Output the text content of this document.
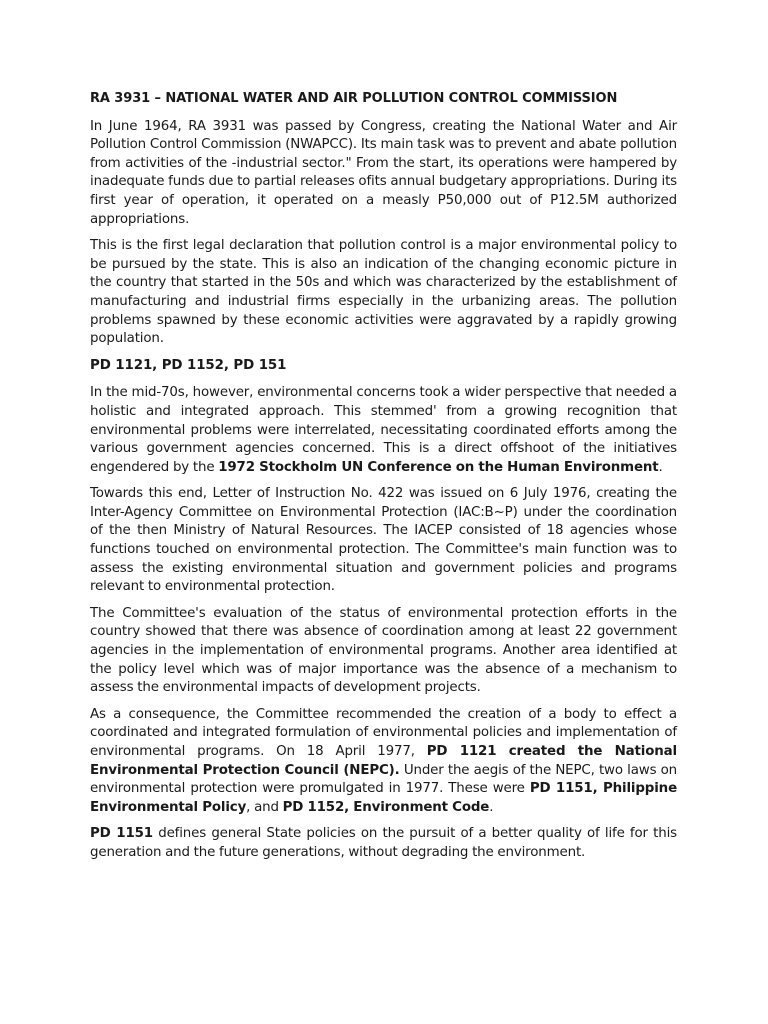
RA 3931 – NATIONAL WATER AND AIR POLLUTION CONTROL COMMISSION

In June 1964, RA 3931 was passed by Congress, creating the National Water and Air Pollution Control Commission (NWAPCC). Its main task was to prevent and abate pollution from activities of the -industrial sector." From the start, its operations were hampered by inadequate funds due to partial releases ofits annual budgetary appropriations. During its first year of operation, it operated on a measly P50,000 out of P12.5M authorized appropriations.

This is the first legal declaration that pollution control is a major environmental policy to be pursued by the state. This is also an indication of the changing economic picture in the country that started in the 50s and which was characterized by the establishment of manufacturing and industrial firms especially in the urbanizing areas. The pollution problems spawned by these economic activities were aggravated by a rapidly growing population.

PD 1121, PD 1152, PD 151

In the mid-70s, however, environmental concerns took a wider perspective that needed a holistic and integrated approach. This stemmed' from a growing recognition that environmental problems were interrelated, necessitating coordinated efforts among the various government agencies concerned. This is a direct offshoot of the initiatives engendered by the 1972 Stockholm UN Conference on the Human Environment.

Towards this end, Letter of Instruction No. 422 was issued on 6 July 1976, creating the Inter-Agency Committee on Environmental Protection (IAC:B~P) under the coordination of the then Ministry of Natural Resources. The IACEP consisted of 18 agencies whose functions touched on environmental protection. The Committee's main function was to assess the existing environmental situation and government policies and programs relevant to environmental protection.

The Committee's evaluation of the status of environmental protection efforts in the country showed that there was absence of coordination among at least 22 government agencies in the implementation of environmental programs. Another area identified at the policy level which was of major importance was the absence of a mechanism to assess the environmental impacts of development projects.

As a consequence, the Committee recommended the creation of a body to effect a coordinated and integrated formulation of environmental policies and implementation of environmental programs. On 18 April 1977, PD 1121 created the National Environmental Protection Council (NEPC). Under the aegis of the NEPC, two laws on environmental protection were promulgated in 1977. These were PD 1151, Philippine Environmental Policy, and PD 1152, Environment Code.

PD 1151 defines general State policies on the pursuit of a better quality of life for this generation and the future generations, without degrading the environment.
